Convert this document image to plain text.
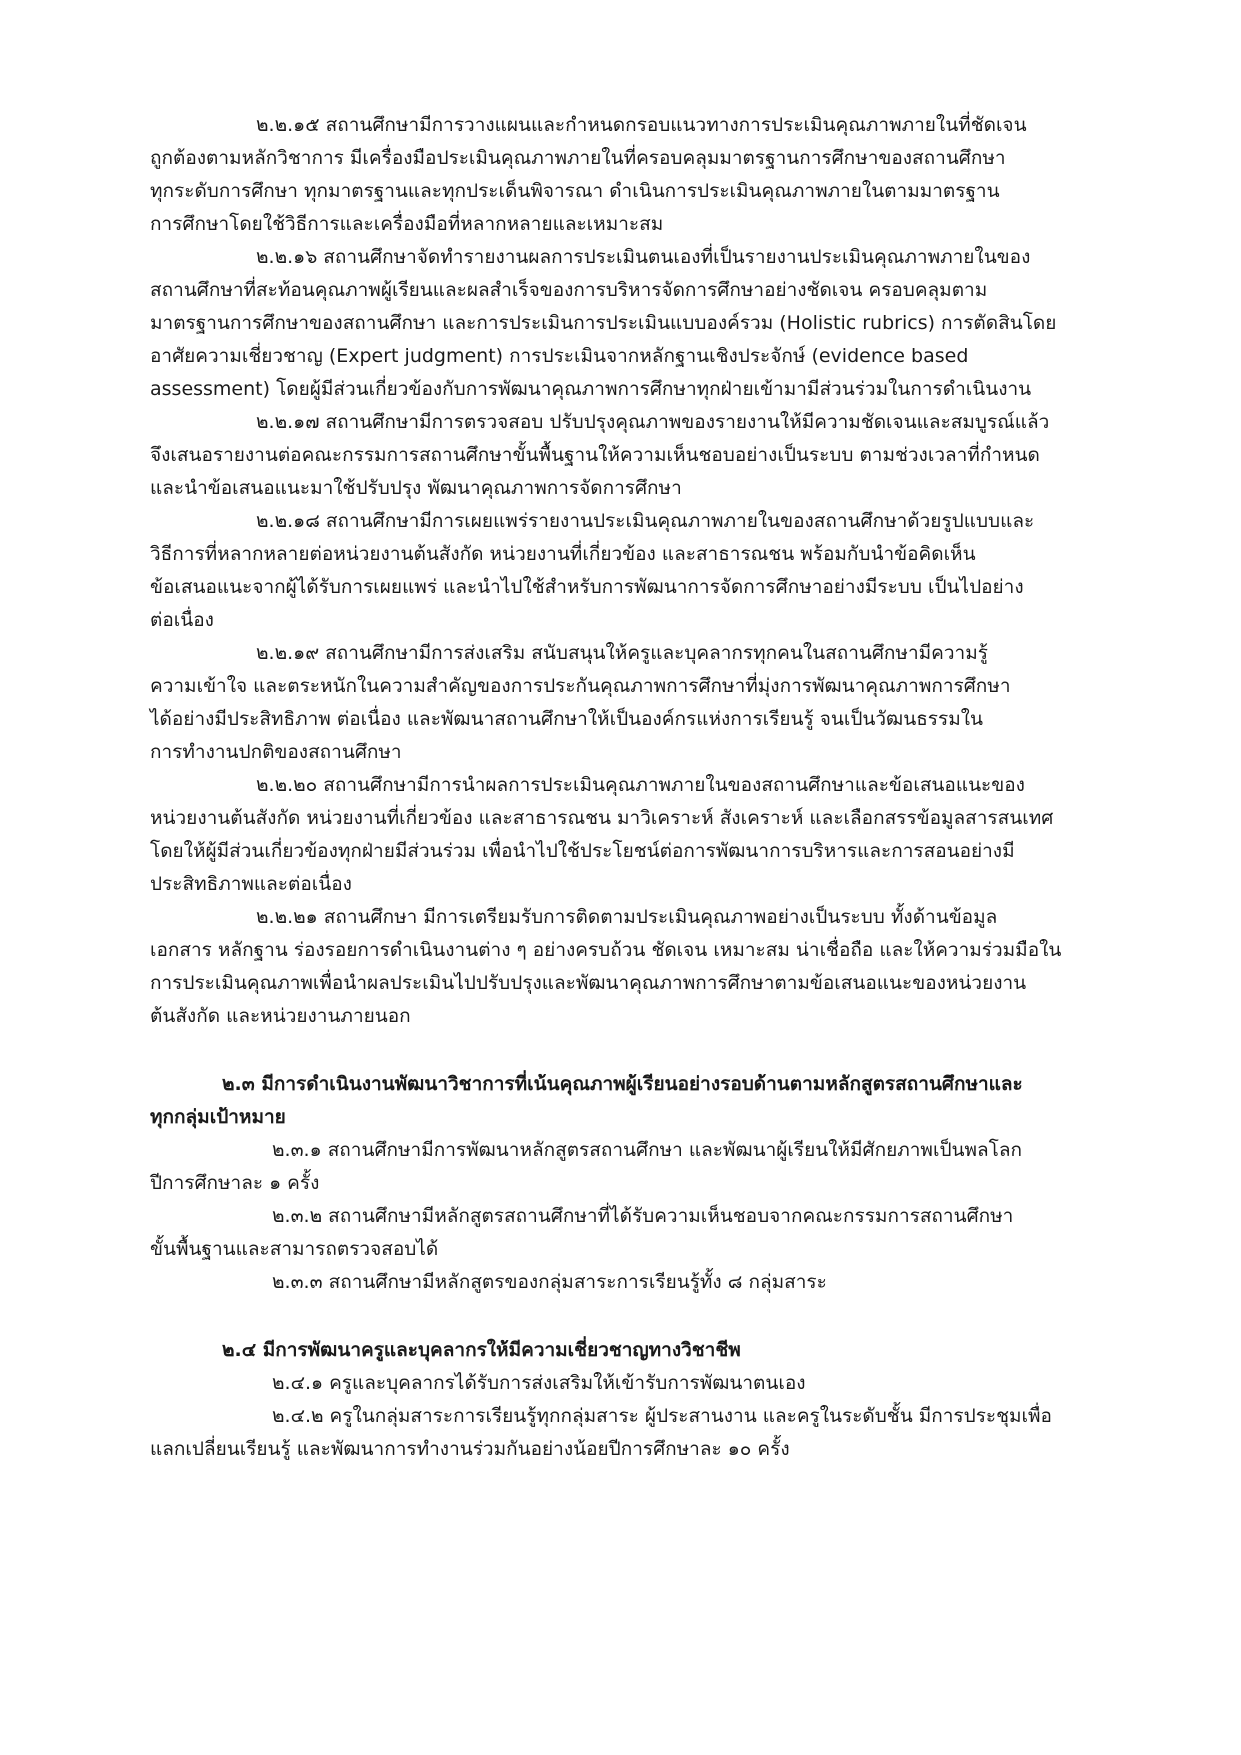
๒.๒.๑๕ สถานศึกษามีการวางแผนและกำหนดกรอบแนวทางการประเมินคุณภาพภายในที่ชัดเจน
ถูกต้องตามหลักวิชาการ มีเครื่องมือประเมินคุณภาพภายในที่ครอบคลุมมาตรฐานการศึกษาของสถานศึกษา
ทุกระดับการศึกษา ทุกมาตรฐานและทุกประเด็นพิจารณา ดำเนินการประเมินคุณภาพภายในตามมาตรฐาน
การศึกษาโดยใช้วิธีการและเครื่องมือที่หลากหลายและเหมาะสม
๒.๒.๑๖ สถานศึกษาจัดทำรายงานผลการประเมินตนเองที่เป็นรายงานประเมินคุณภาพภายในของ
สถานศึกษาที่สะท้อนคุณภาพผู้เรียนและผลสำเร็จของการบริหารจัดการศึกษาอย่างชัดเจน ครอบคลุมตาม
มาตรฐานการศึกษาของสถานศึกษา และการประเมินการประเมินแบบองค์รวม (Holistic rubrics) การตัดสินโดย
อาศัยความเชี่ยวชาญ (Expert judgment) การประเมินจากหลักฐานเชิงประจักษ์ (evidence based
assessment) โดยผู้มีส่วนเกี่ยวข้องกับการพัฒนาคุณภาพการศึกษาทุกฝ่ายเข้ามามีส่วนร่วมในการดำเนินงาน
๒.๒.๑๗ สถานศึกษามีการตรวจสอบ ปรับปรุงคุณภาพของรายงานให้มีความชัดเจนและสมบูรณ์แล้ว
จึงเสนอรายงานต่อคณะกรรมการสถานศึกษาขั้นพื้นฐานให้ความเห็นชอบอย่างเป็นระบบ ตามช่วงเวลาที่กำหนด
และนำข้อเสนอแนะมาใช้ปรับปรุง พัฒนาคุณภาพการจัดการศึกษา
๒.๒.๑๘ สถานศึกษามีการเผยแพร่รายงานประเมินคุณภาพภายในของสถานศึกษาด้วยรูปแบบและ
วิธีการที่หลากหลายต่อหน่วยงานต้นสังกัด หน่วยงานที่เกี่ยวข้อง และสาธารณชน พร้อมกับนำข้อคิดเห็น
ข้อเสนอแนะจากผู้ได้รับการเผยแพร่ และนำไปใช้สำหรับการพัฒนาการจัดการศึกษาอย่างมีระบบ เป็นไปอย่าง
ต่อเนื่อง
๒.๒.๑๙ สถานศึกษามีการส่งเสริม สนับสนุนให้ครูและบุคลากรทุกคนในสถานศึกษามีความรู้
ความเข้าใจ และตระหนักในความสำคัญของการประกันคุณภาพการศึกษาที่มุ่งการพัฒนาคุณภาพการศึกษา
ได้อย่างมีประสิทธิภาพ ต่อเนื่อง และพัฒนาสถานศึกษาให้เป็นองค์กรแห่งการเรียนรู้ จนเป็นวัฒนธรรมใน
การทำงานปกติของสถานศึกษา
๒.๒.๒๐ สถานศึกษามีการนำผลการประเมินคุณภาพภายในของสถานศึกษาและข้อเสนอแนะของ
หน่วยงานต้นสังกัด หน่วยงานที่เกี่ยวข้อง และสาธารณชน มาวิเคราะห์ สังเคราะห์ และเลือกสรรข้อมูลสารสนเทศ
โดยให้ผู้มีส่วนเกี่ยวข้องทุกฝ่ายมีส่วนร่วม เพื่อนำไปใช้ประโยชน์ต่อการพัฒนาการบริหารและการสอนอย่างมี
ประสิทธิภาพและต่อเนื่อง
๒.๒.๒๑ สถานศึกษา มีการเตรียมรับการติดตามประเมินคุณภาพอย่างเป็นระบบ ทั้งด้านข้อมูล
เอกสาร หลักฐาน ร่องรอยการดำเนินงานต่าง ๆ อย่างครบถ้วน ชัดเจน เหมาะสม น่าเชื่อถือ และให้ความร่วมมือใน
การประเมินคุณภาพเพื่อนำผลประเมินไปปรับปรุงและพัฒนาคุณภาพการศึกษาตามข้อเสนอแนะของหน่วยงาน
ต้นสังกัด และหน่วยงานภายนอก
๒.๓ มีการดำเนินงานพัฒนาวิชาการที่เน้นคุณภาพผู้เรียนอย่างรอบด้านตามหลักสูตรสถานศึกษาและ
ทุกกลุ่มเป้าหมาย
๒.๓.๑ สถานศึกษามีการพัฒนาหลักสูตรสถานศึกษา และพัฒนาผู้เรียนให้มีศักยภาพเป็นพลโลก
ปีการศึกษาละ ๑ ครั้ง
๒.๓.๒ สถานศึกษามีหลักสูตรสถานศึกษาที่ได้รับความเห็นชอบจากคณะกรรมการสถานศึกษา
ขั้นพื้นฐานและสามารถตรวจสอบได้
๒.๓.๓ สถานศึกษามีหลักสูตรของกลุ่มสาระการเรียนรู้ทั้ง ๘ กลุ่มสาระ
๒.๔ มีการพัฒนาครูและบุคลากรให้มีความเชี่ยวชาญทางวิชาชีพ
๒.๔.๑ ครูและบุคลากรได้รับการส่งเสริมให้เข้ารับการพัฒนาตนเอง
๒.๔.๒ ครูในกลุ่มสาระการเรียนรู้ทุกกลุ่มสาระ ผู้ประสานงาน และครูในระดับชั้น มีการประชุมเพื่อ
แลกเปลี่ยนเรียนรู้ และพัฒนาการทำงานร่วมกันอย่างน้อยปีการศึกษาละ ๑๐ ครั้ง
